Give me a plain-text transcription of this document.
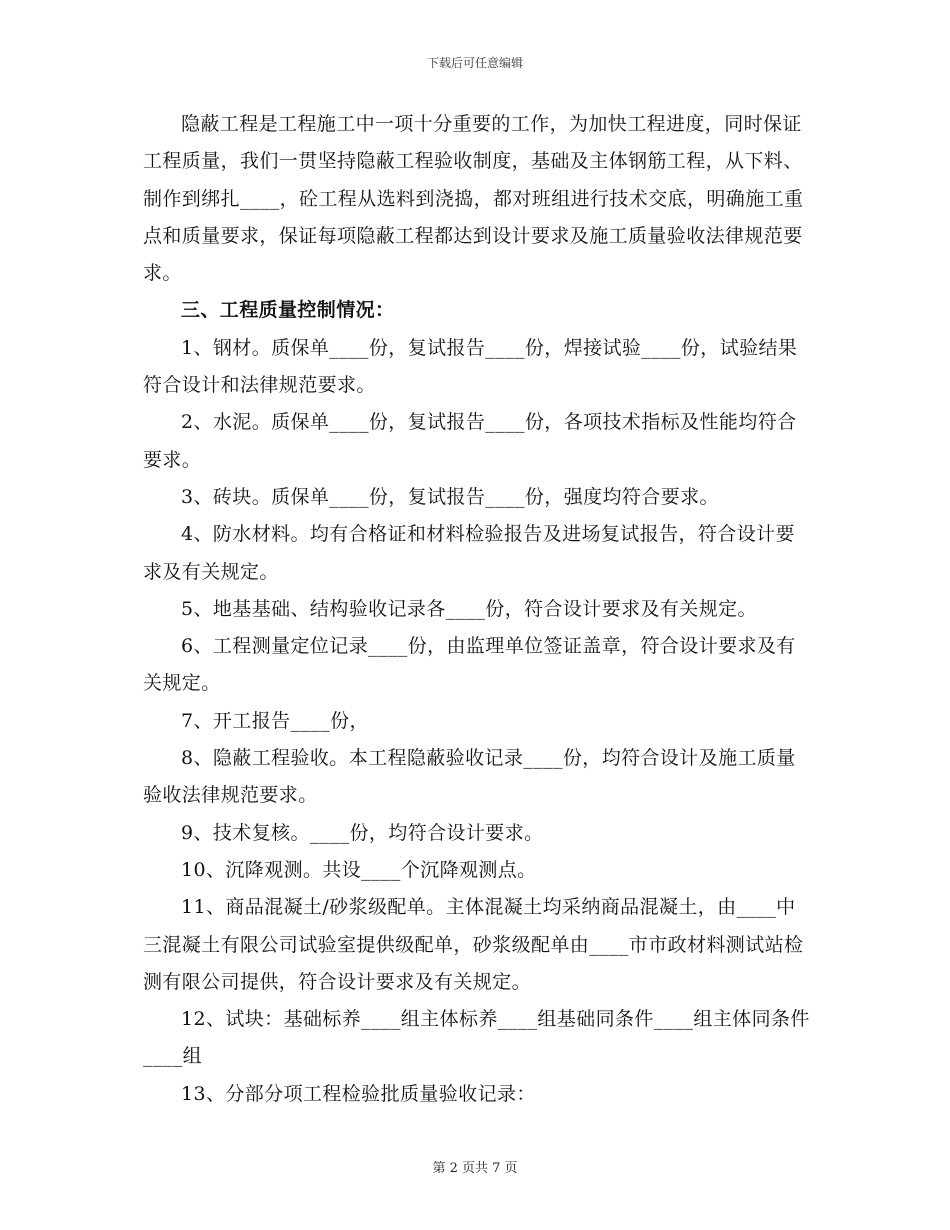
下载后可任意编辑

隐蔽工程是工程施工中一项十分重要的工作，为加快工程进度，同时保证工程质量，我们一贯坚持隐蔽工程验收制度，基础及主体钢筋工程，从下料、制作到绑扎____，砼工程从选料到浇捣，都对班组进行技术交底，明确施工重点和质量要求，保证每项隐蔽工程都达到设计要求及施工质量验收法律规范要求。

三、工程质量控制情况：

1、钢材。质保单____份，复试报告____份，焊接试验____份，试验结果符合设计和法律规范要求。

2、水泥。质保单____份，复试报告____份，各项技术指标及性能均符合要求。

3、砖块。质保单____份，复试报告____份，强度均符合要求。

4、防水材料。均有合格证和材料检验报告及进场复试报告，符合设计要求及有关规定。

5、地基基础、结构验收记录各____份，符合设计要求及有关规定。

6、工程测量定位记录____份，由监理单位签证盖章，符合设计要求及有关规定。

7、开工报告____份，

8、隐蔽工程验收。本工程隐蔽验收记录____份，均符合设计及施工质量验收法律规范要求。

9、技术复核。____份，均符合设计要求。

10、沉降观测。共设____个沉降观测点。

11、商品混凝土/砂浆级配单。主体混凝土均采纳商品混凝土，由____中三混凝土有限公司试验室提供级配单，砂浆级配单由____市市政材料测试站检测有限公司提供，符合设计要求及有关规定。

12、试块：基础标养____组主体标养____组基础同条件____组主体同条件____组

13、分部分项工程检验批质量验收记录：

第 2 页共 7 页
